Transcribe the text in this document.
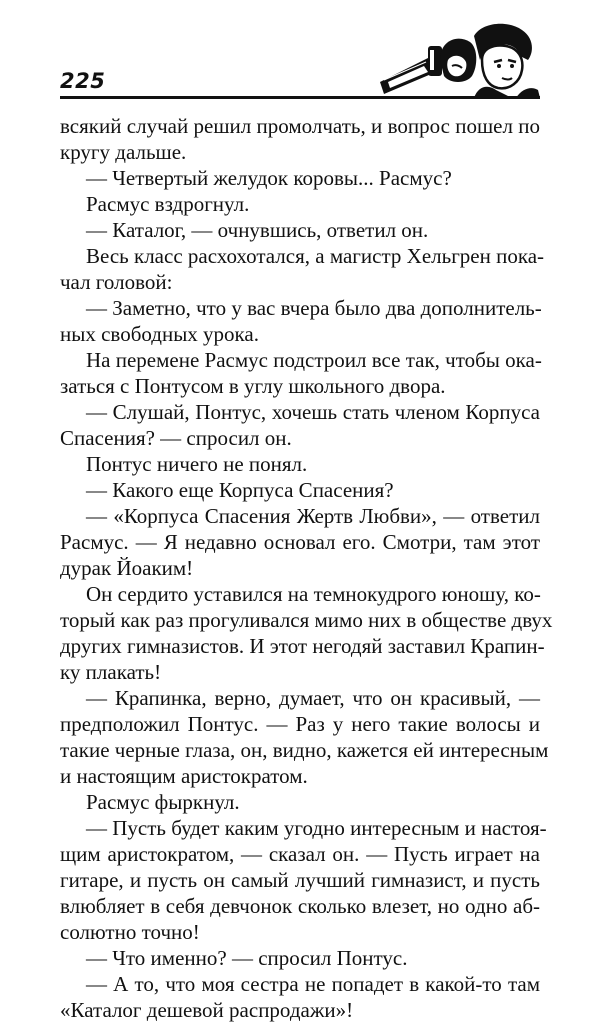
225
всякий случай решил промолчать, и вопрос пошел по
кругу дальше.
— Четвертый желудок коровы... Расмус?
Расмус вздрогнул.
— Каталог, — очнувшись, ответил он.
Весь класс расхохотался, а магистр Хельгрен пока-
чал головой:
— Заметно, что у вас вчера было два дополнитель-
ных свободных урока.
На перемене Расмус подстроил все так, чтобы ока-
заться с Понтусом в углу школьного двора.
— Слушай, Понтус, хочешь стать членом Корпуса
Спасения? — спросил он.
Понтус ничего не понял.
— Какого еще Корпуса Спасения?
— «Корпуса Спасения Жертв Любви», — ответил
Расмус. — Я недавно основал его. Смотри, там этот
дурак Йоаким!
Он сердито уставился на темнокудрого юношу, ко-
торый как раз прогуливался мимо них в обществе двух
других гимназистов. И этот негодяй заставил Крапин-
ку плакать!
— Крапинка, верно, думает, что он красивый, —
предположил Понтус. — Раз у него такие волосы и
такие черные глаза, он, видно, кажется ей интересным
и настоящим аристократом.
Расмус фыркнул.
— Пусть будет каким угодно интересным и настоя-
щим аристократом, — сказал он. — Пусть играет на
гитаре, и пусть он самый лучший гимназист, и пусть
влюбляет в себя девчонок сколько влезет, но одно аб-
солютно точно!
— Что именно? — спросил Понтус.
— А то, что моя сестра не попадет в какой-то там
«Каталог дешевой распродажи»!
